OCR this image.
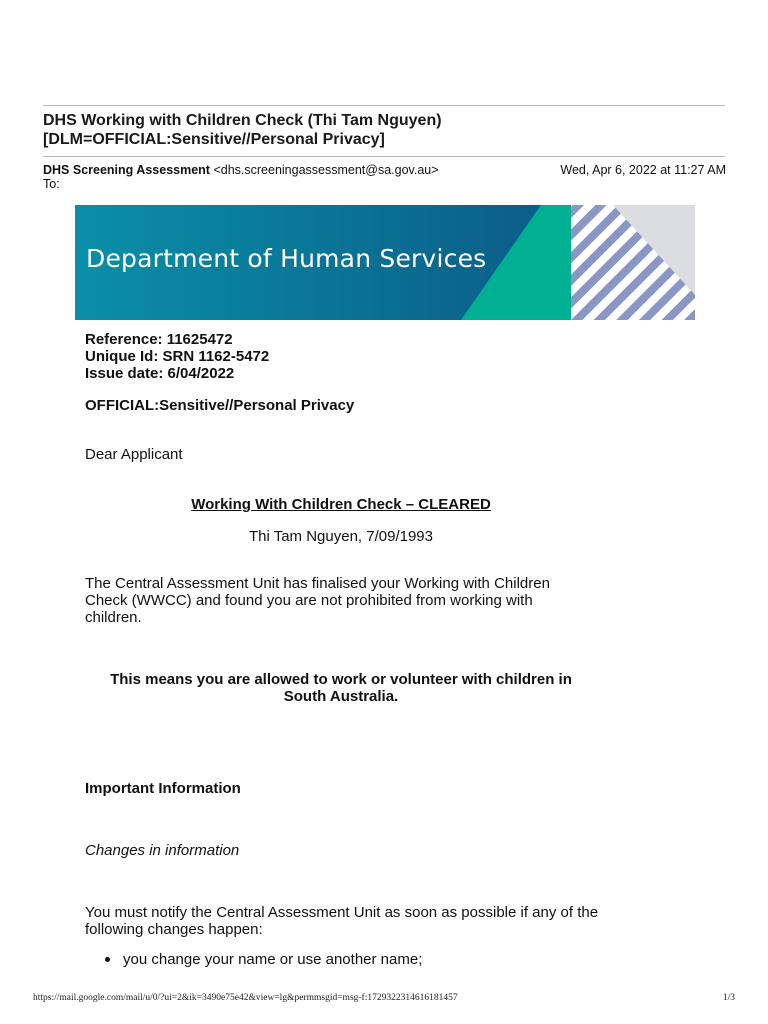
DHS Working with Children Check (Thi Tam Nguyen)
[DLM=OFFICIAL:Sensitive//Personal Privacy]
DHS Screening Assessment <dhs.screeningassessment@sa.gov.au>	Wed, Apr 6, 2022 at 11:27 AM
To:
Department of Human Services
Reference: 11625472
Unique Id: SRN 1162-5472
Issue date: 6/04/2022
OFFICIAL:Sensitive//Personal Privacy
Dear Applicant
Working With Children Check – CLEARED
Thi Tam Nguyen, 7/09/1993
The Central Assessment Unit has finalised your Working with Children Check (WWCC) and found you are not prohibited from working with children.
This means you are allowed to work or volunteer with children in South Australia.
Important Information
Changes in information
You must notify the Central Assessment Unit as soon as possible if any of the following changes happen:
you change your name or use another name;
https://mail.google.com/mail/u/0/?ui=2&ik=3490e75e42&view=lg&permmsgid=msg-f:1729322314616181457	1/3
